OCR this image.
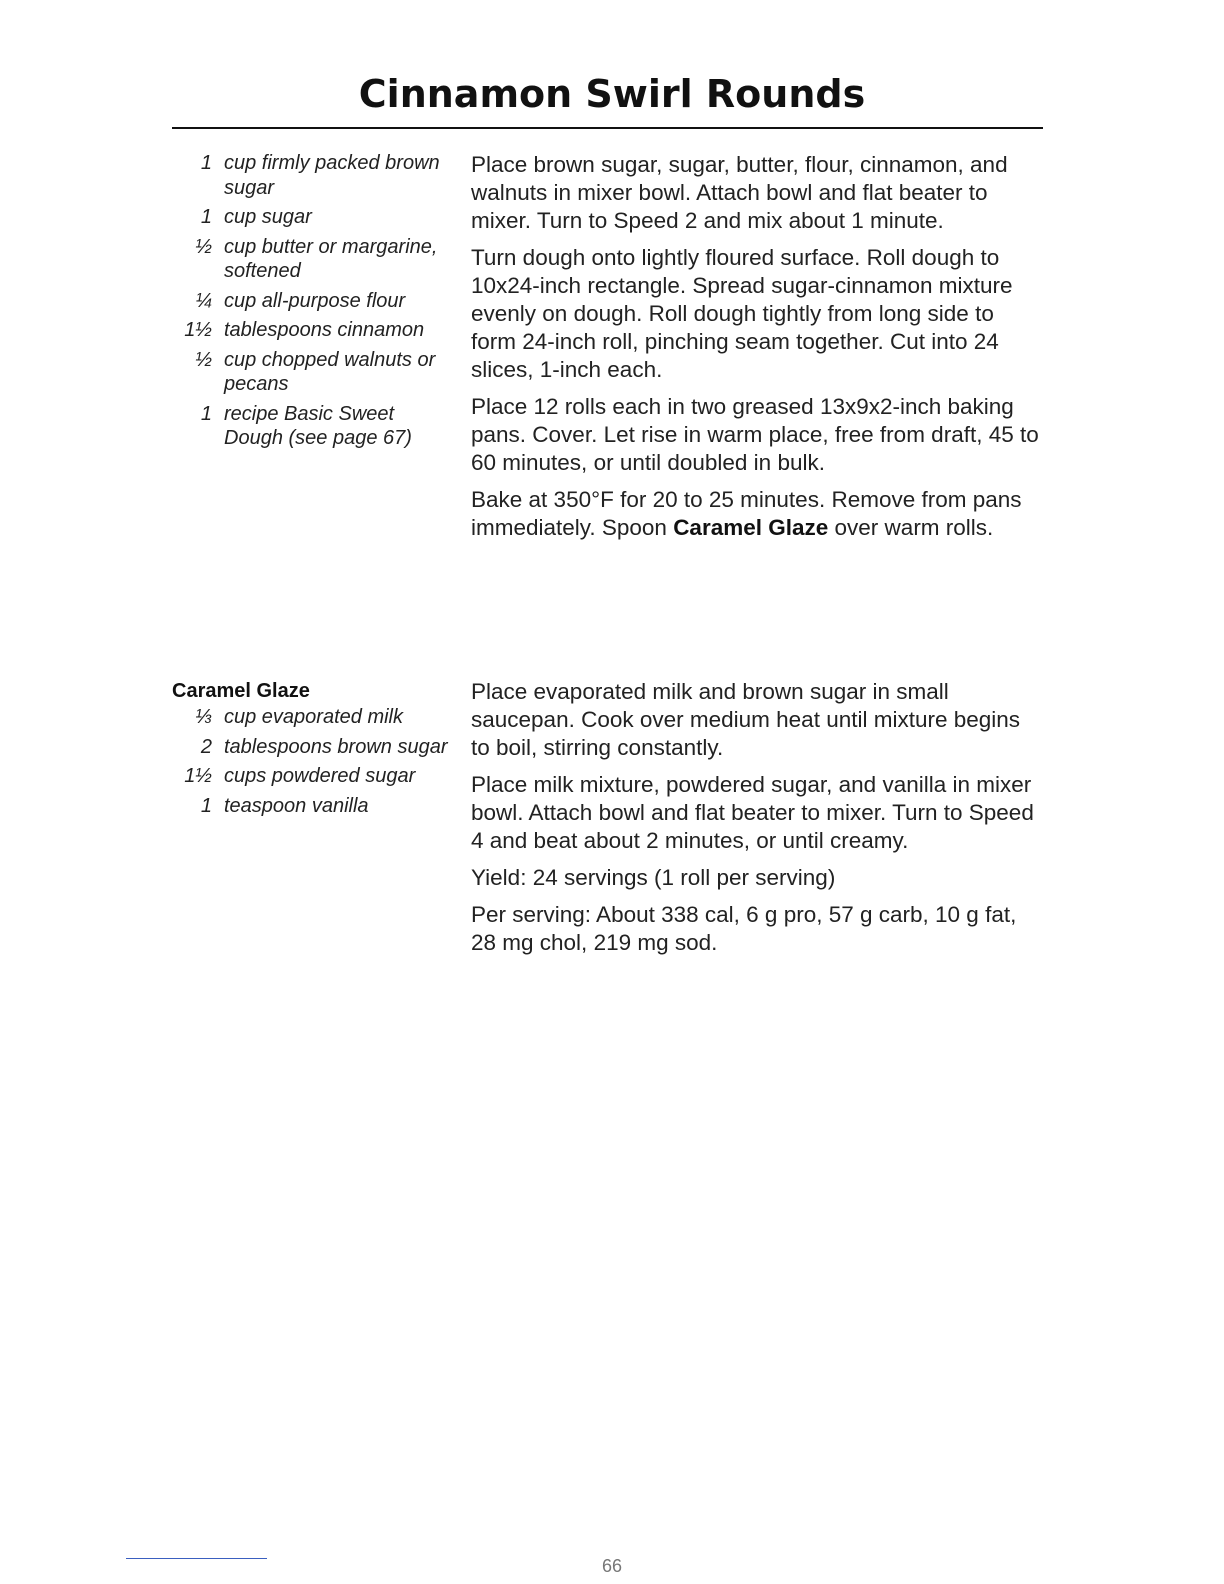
Cinnamon Swirl Rounds
1 cup firmly packed brown sugar
1 cup sugar
½ cup butter or margarine, softened
¼ cup all-purpose flour
1½ tablespoons cinnamon
½ cup chopped walnuts or pecans
1 recipe Basic Sweet Dough (see page 67)

Place brown sugar, sugar, butter, flour, cinnamon, and walnuts in mixer bowl. Attach bowl and flat beater to mixer. Turn to Speed 2 and mix about 1 minute.

Turn dough onto lightly floured surface. Roll dough to 10x24-inch rectangle. Spread sugar-cinnamon mixture evenly on dough. Roll dough tightly from long side to form 24-inch roll, pinching seam together. Cut into 24 slices, 1-inch each.

Place 12 rolls each in two greased 13x9x2-inch baking pans. Cover. Let rise in warm place, free from draft, 45 to 60 minutes, or until doubled in bulk.

Bake at 350°F for 20 to 25 minutes. Remove from pans immediately. Spoon Caramel Glaze over warm rolls.

Caramel Glaze
⅓ cup evaporated milk
2 tablespoons brown sugar
1½ cups powdered sugar
1 teaspoon vanilla

Place evaporated milk and brown sugar in small saucepan. Cook over medium heat until mixture begins to boil, stirring constantly.

Place milk mixture, powdered sugar, and vanilla in mixer bowl. Attach bowl and flat beater to mixer. Turn to Speed 4 and beat about 2 minutes, or until creamy.

Yield: 24 servings (1 roll per serving)

Per serving: About 338 cal, 6 g pro, 57 g carb, 10 g fat, 28 mg chol, 219 mg sod.

66
